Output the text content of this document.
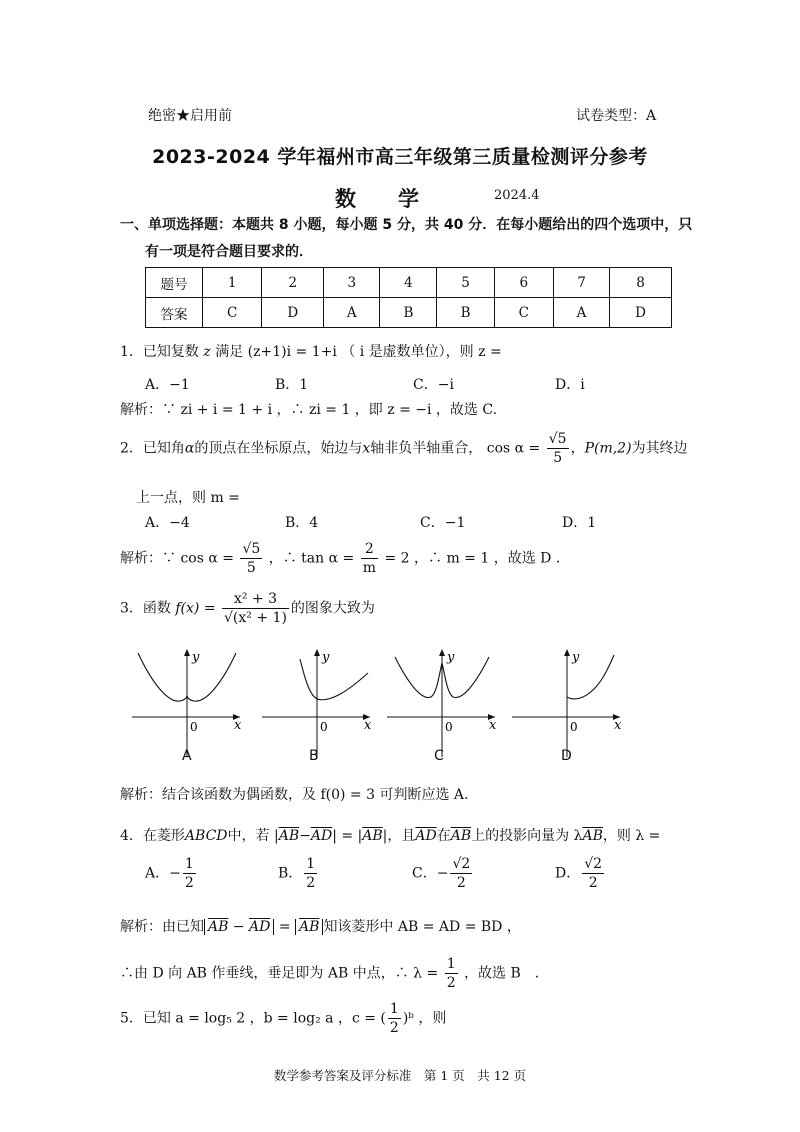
绝密★启用前	试卷类型：A
2023-2024 学年福州市高三年级第三质量检测评分参考
数　　学	2024.4
一、单项选择题：本题共 8 小题，每小题 5 分，共 40 分．在每小题给出的四个选项中，只
有一项是符合题目要求的．
题号	1	2	3	4	5	6	7	8
答案	C	D	A	B	B	C	A	D
1．已知复数 z 满足 (z+1)i = 1+i （ i 是虚数单位），则 z =
A．−1	B．1	C．−i	D．i
解析：∵ zi + i = 1 + i ，∴ zi = 1 ，即 z = −i ，故选 C.
2．已知角α的顶点在坐标原点，始边与x轴非负半轴重合， $\cos \alpha = \frac{√5}{5}$ ，P(m,2)为其终边
上一点，则 m =
A．−4	B．4	C．−1	D．1
解析：∵ $\cos \alpha = \frac{√5}{5}$ ，∴ $\tan \alpha = \frac{2}{m} = 2$ ，∴ m = 1 ，故选 D .
3．函数 $f(x) = \frac{\text{x² + 3}}{\text{√(x² + 1)}}$ 的图象大致为
y
0	x
A
y
0	x
B
y
0	x
C
y
0	x
D
解析：结合该函数为偶函数，及 f(0) = 3 可判断应选 A.
4．在菱形ABCD中，若 $|\overline{AB}-\overline{AD}| = |\overline{AB}|$，且$\overline{AD}$在$\overline{AB}$上的投影向量为 $\lambda\overline{AB}$，则 λ =
A．− $\frac{1}{2}$	B． $\frac{1}{2}$	C．− $\frac{√2}{2}$	D． $\frac{√2}{2}$
解析：由已知 $\overline{AB} - \overline{AD} = \overline{AB}$ 知该菱形中 AB = AD = BD ，
∴由 D 向 AB 作垂线，垂足即为 AB 中点，∴ $\lambda = \frac{1}{2}$ ，故选 B　.
5．已知 a = log₅ 2 ，b = log₂ a ，c = ( $\frac{1}{2}$ )ᵇ ，则
数学参考答案及评分标准　第 1 页　共 12 页
